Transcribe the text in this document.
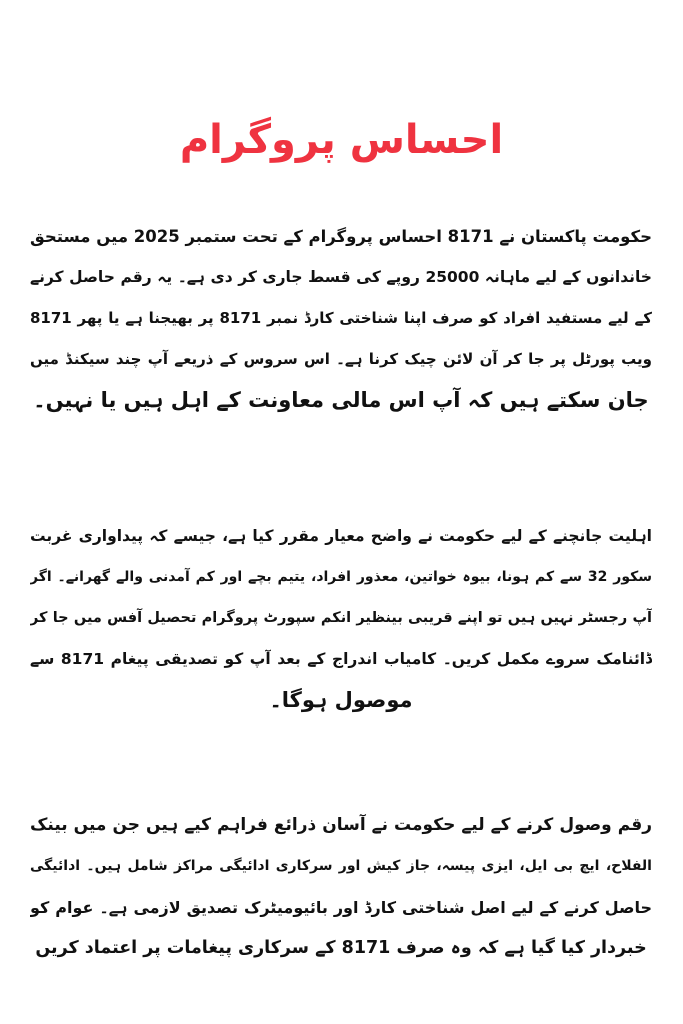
احساس پروگرام
حکومت پاکستان نے 8171 احساس پروگرام کے تحت ستمبر 2025 میں مستحق
خاندانوں کے لیے ماہانہ 25000 روپے کی قسط جاری کر دی ہے۔ یہ رقم حاصل کرنے
کے لیے مستفید افراد کو صرف اپنا شناختی کارڈ نمبر 8171 پر بھیجنا ہے یا پھر 8171
ویب پورٹل پر جا کر آن لائن چیک کرنا ہے۔ اس سروس کے ذریعے آپ چند سیکنڈ میں
جان سکتے ہیں کہ آپ اس مالی معاونت کے اہل ہیں یا نہیں۔
اہلیت جانچنے کے لیے حکومت نے واضح معیار مقرر کیا ہے، جیسے کہ پیداواری غربت
سکور 32 سے کم ہونا، بیوہ خواتین، معذور افراد، یتیم بچے اور کم آمدنی والے گھرانے۔ اگر
آپ رجسٹر نہیں ہیں تو اپنے قریبی بینظیر انکم سپورٹ پروگرام تحصیل آفس میں جا کر
ڈائنامک سروے مکمل کریں۔ کامیاب اندراج کے بعد آپ کو تصدیقی پیغام 8171 سے
موصول ہوگا۔
رقم وصول کرنے کے لیے حکومت نے آسان ذرائع فراہم کیے ہیں جن میں بینک
الفلاح، ایچ بی ایل، ایزی پیسہ، جاز کیش اور سرکاری ادائیگی مراکز شامل ہیں۔ ادائیگی
حاصل کرنے کے لیے اصل شناختی کارڈ اور بائیومیٹرک تصدیق لازمی ہے۔ عوام کو
خبردار کیا گیا ہے کہ وہ صرف 8171 کے سرکاری پیغامات پر اعتماد کریں
